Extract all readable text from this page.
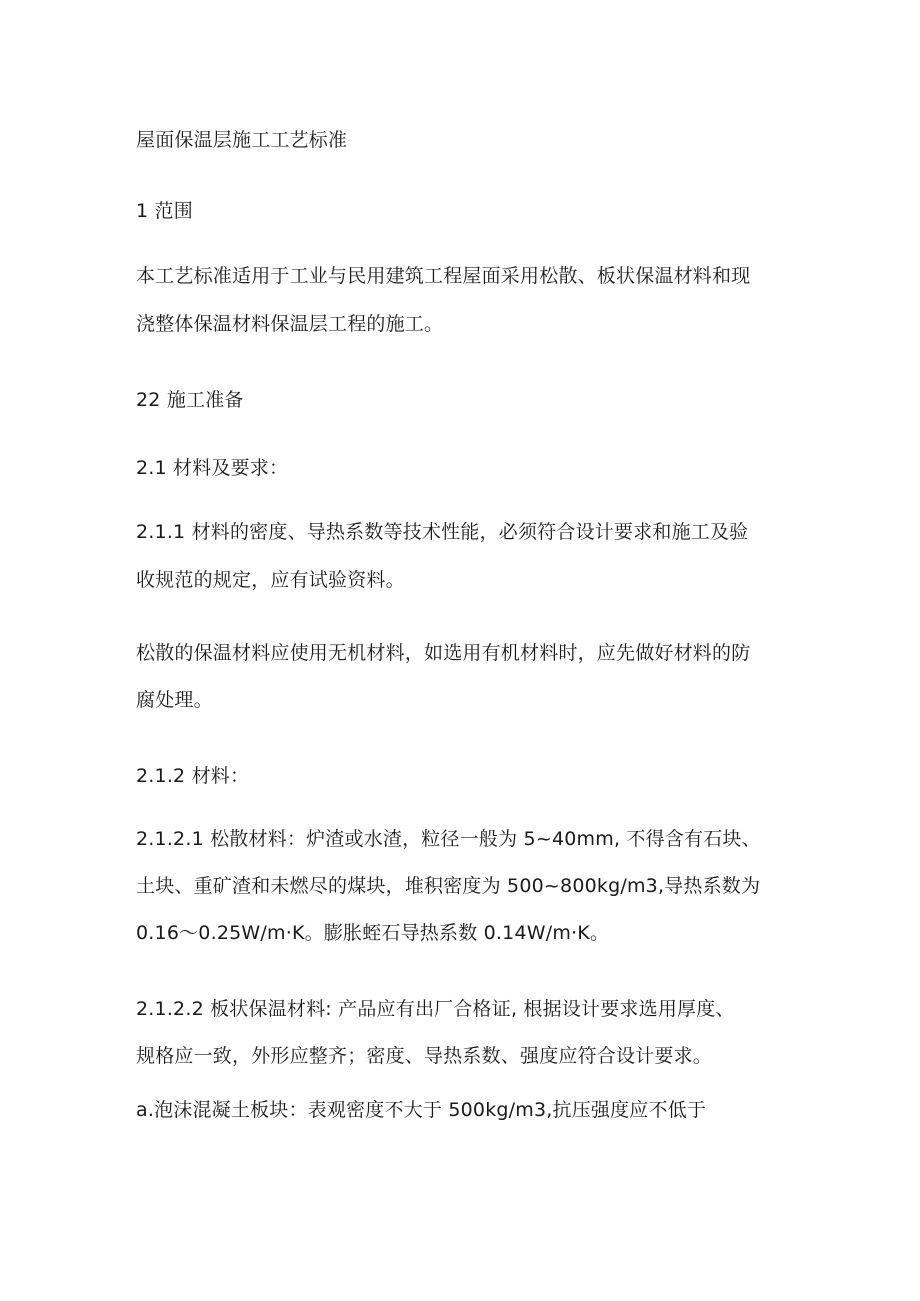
屋面保温层施工工艺标准
1 范围
本工艺标准适用于工业与民用建筑工程屋面采用松散、板状保温材料和现
浇整体保温材料保温层工程的施工。
22 施工准备
2.1 材料及要求：
2.1.1 材料的密度、导热系数等技术性能，必须符合设计要求和施工及验
收规范的规定，应有试验资料。
松散的保温材料应使用无机材料，如选用有机材料时，应先做好材料的防
腐处理。
2.1.2 材料：
2.1.2.1 松散材料：炉渣或水渣，粒径一般为 5~40mm, 不得含有石块、
土块、重矿渣和未燃尽的煤块，堆积密度为 500~800kg/m3,导热系数为
0.16～0.25W/m·K。膨胀蛭石导热系数 0.14W/m·K。
2.1.2.2 板状保温材料: 产品应有出厂合格证, 根据设计要求选用厚度、
规格应一致，外形应整齐；密度、导热系数、强度应符合设计要求。
a.泡沫混凝土板块：表观密度不大于 500kg/m3,抗压强度应不低于
